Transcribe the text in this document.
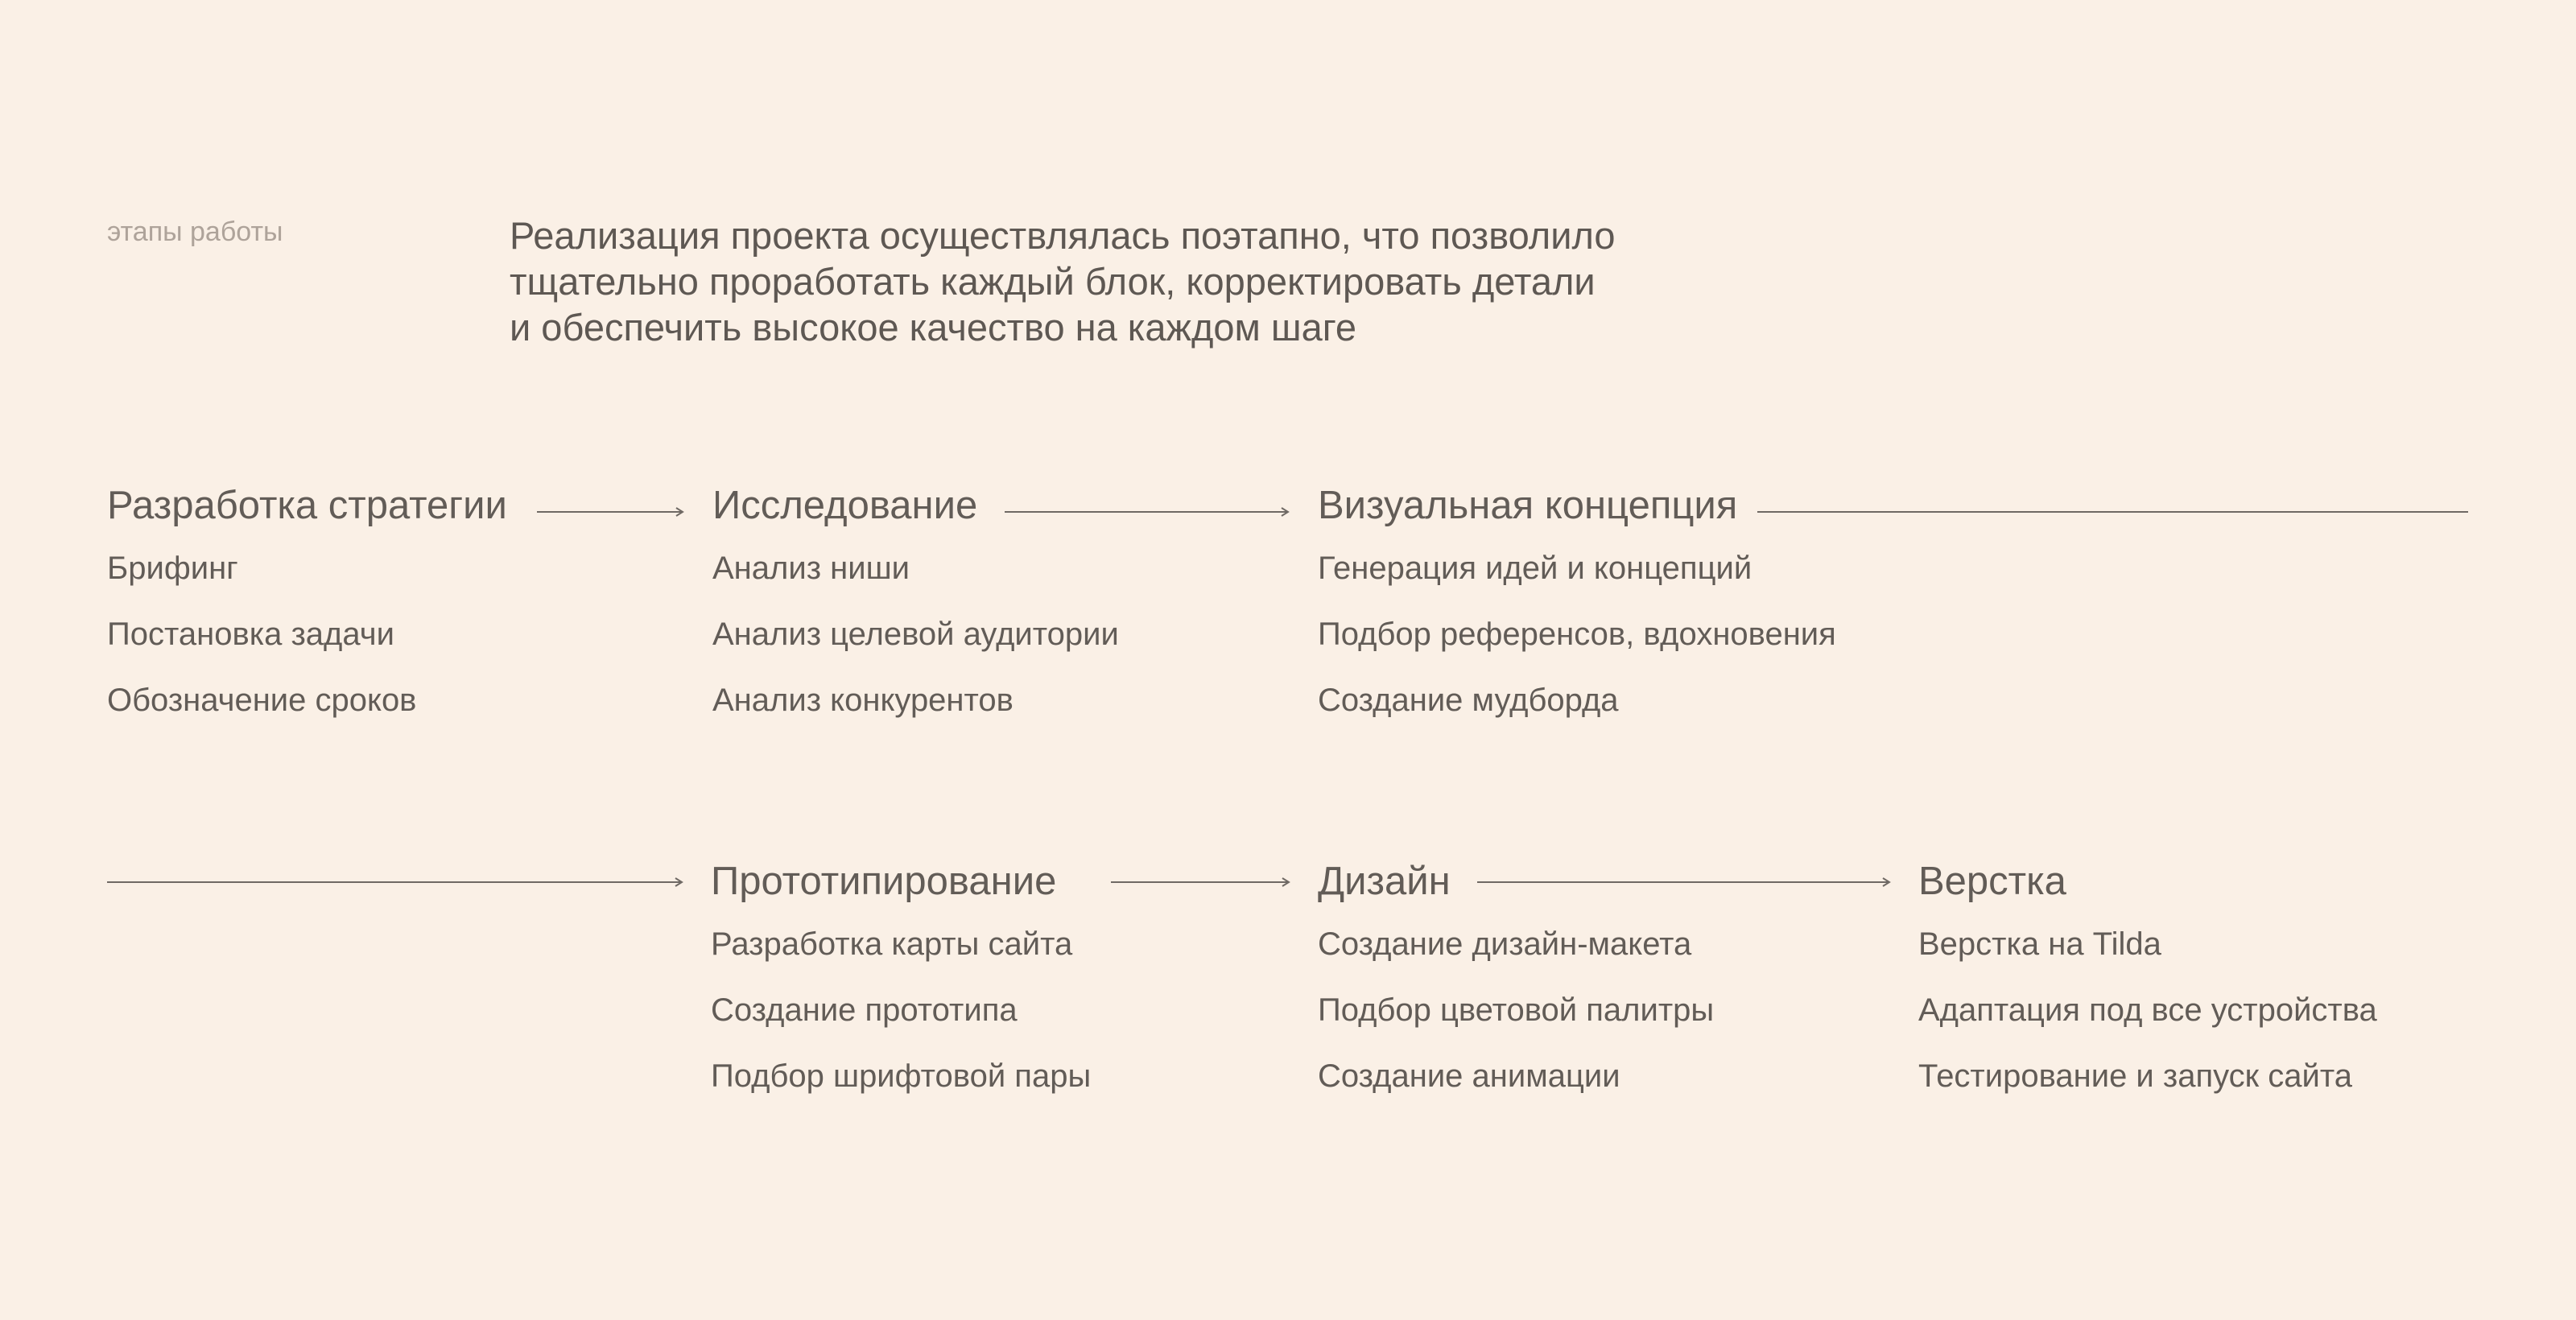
этапы работы	Реализация проекта осуществлялась поэтапно, что позволило
тщательно проработать каждый блок, корректировать детали
и обеспечить высокое качество на каждом шаге
Разработка стратегии
Брифинг
Постановка задачи
Обозначение сроков
Исследование
Анализ ниши
Анализ целевой аудитории
Анализ конкурентов
Визуальная концепция
Генерация идей и концепций
Подбор референсов, вдохновения
Создание мудборда
Прототипирование
Разработка карты сайта
Создание прототипа
Подбор шрифтовой пары
Дизайн
Создание дизайн-макета
Подбор цветовой палитры
Создание анимации
Верстка
Верстка на Tilda
Адаптация под все устройства
Тестирование и запуск сайта
